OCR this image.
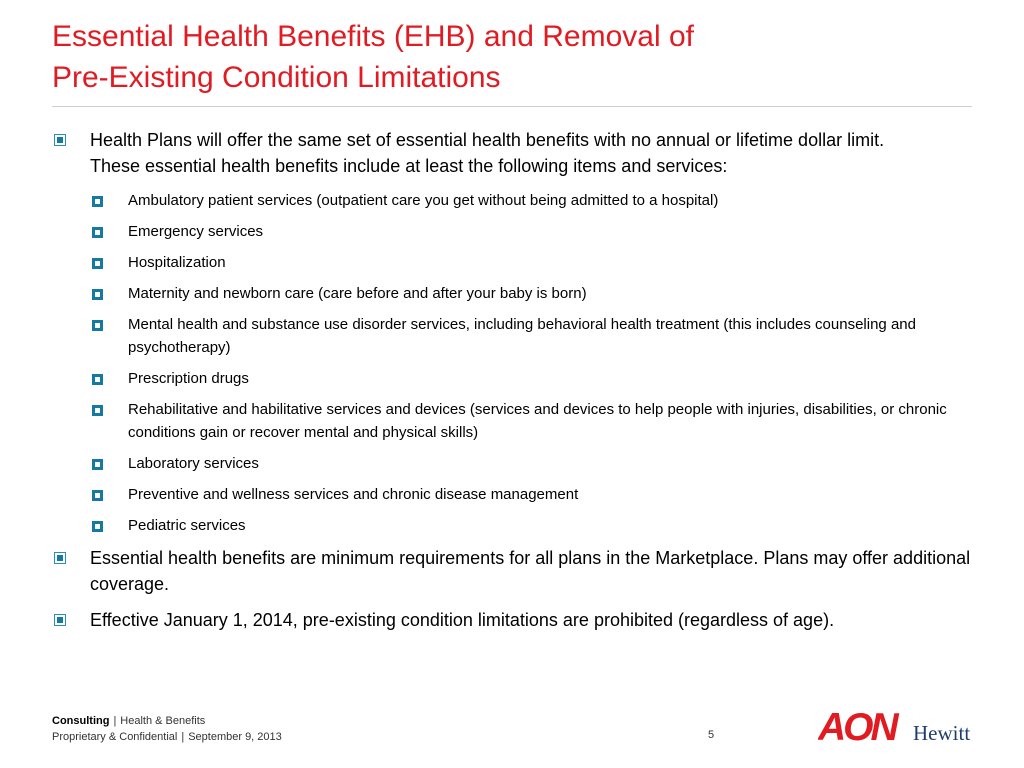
Essential Health Benefits (EHB) and Removal of
Pre-Existing Condition Limitations
Health Plans will offer the same set of essential health benefits with no annual or lifetime dollar limit.
These essential health benefits include at least the following items and services:
Ambulatory patient services (outpatient care you get without being admitted to a hospital)
Emergency services
Hospitalization
Maternity and newborn care (care before and after your baby is born)
Mental health and substance use disorder services, including behavioral health treatment (this includes counseling and psychotherapy)
Prescription drugs
Rehabilitative and habilitative services and devices (services and devices to help people with injuries, disabilities, or chronic conditions gain or recover mental and physical skills)
Laboratory services
Preventive and wellness services and chronic disease management
Pediatric services
Essential health benefits are minimum requirements for all plans in the Marketplace. Plans may offer additional coverage.
Effective January 1, 2014, pre-existing condition limitations are prohibited (regardless of age).
Consulting | Health & Benefits
Proprietary & Confidential | September 9, 2013	5	AON Hewitt
